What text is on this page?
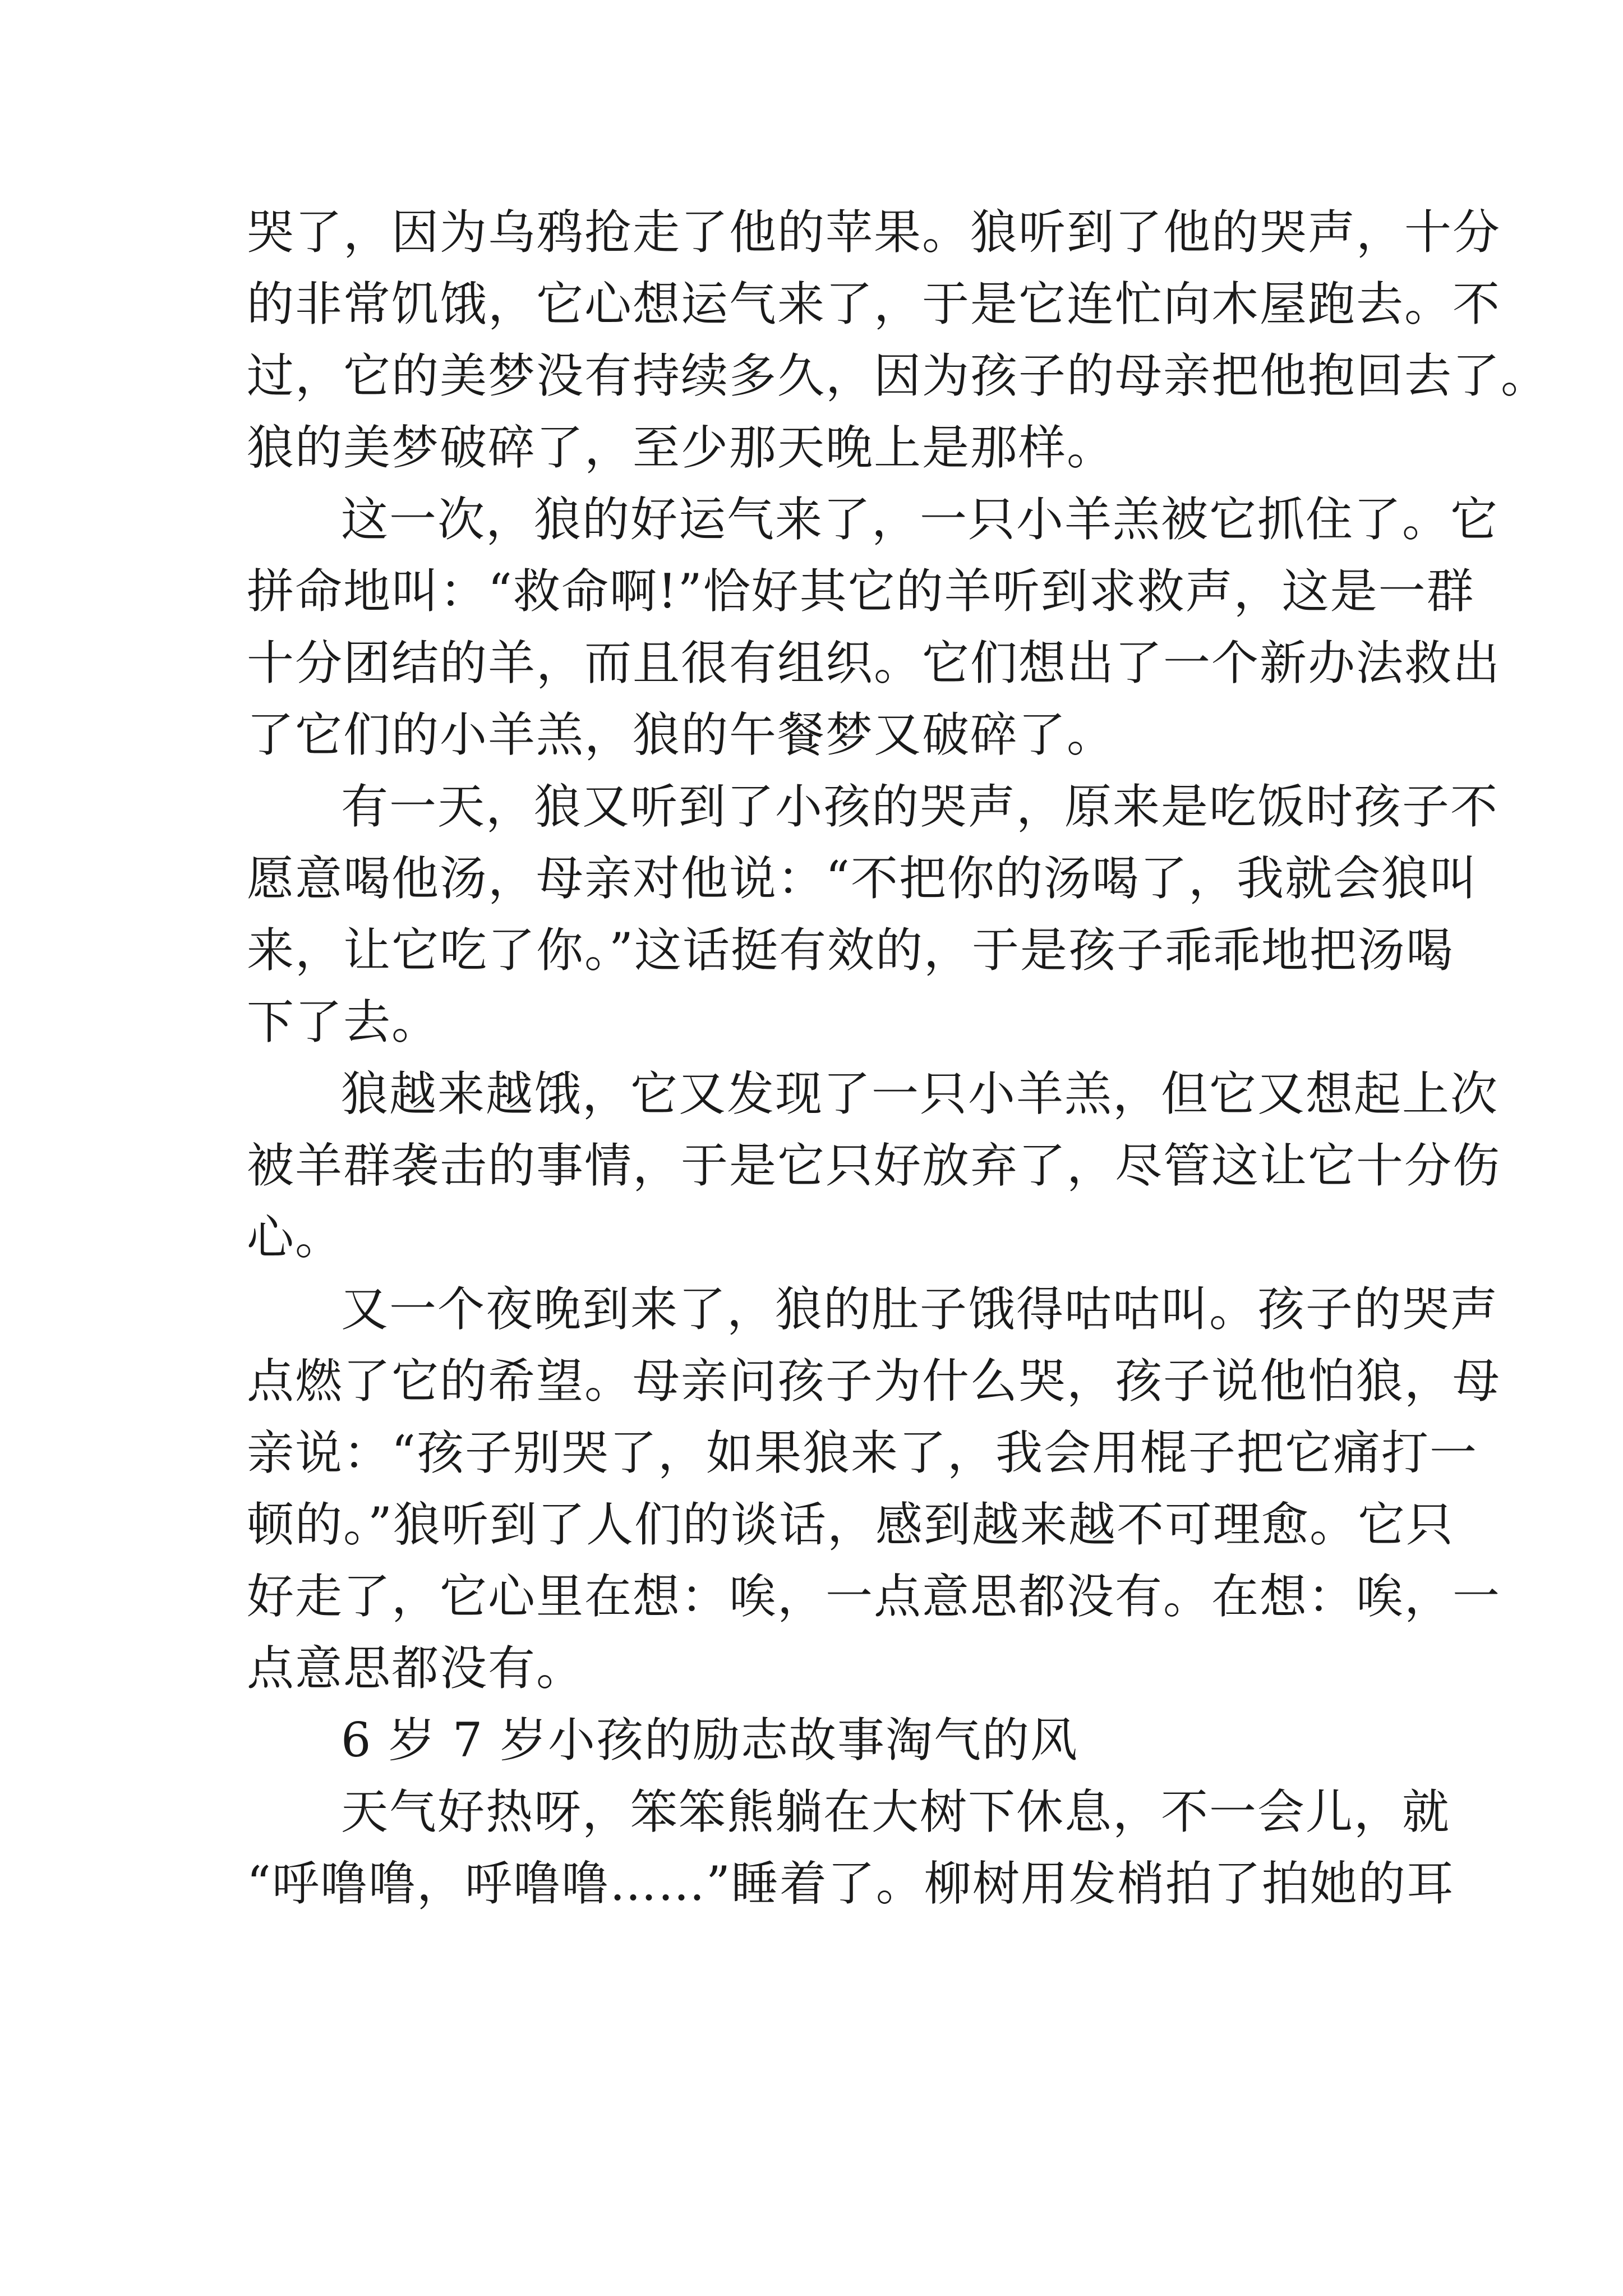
哭了，因为乌鸦抢走了他的苹果。狼听到了他的哭声，十分
的非常饥饿，它心想运气来了，于是它连忙向木屋跑去。不
过，它的美梦没有持续多久，因为孩子的母亲把他抱回去了。
狼的美梦破碎了，至少那天晚上是那样。
这一次，狼的好运气来了，一只小羊羔被它抓住了。它
拼命地叫：“救命啊!”恰好其它的羊听到求救声，这是一群
十分团结的羊，而且很有组织。它们想出了一个新办法救出
了它们的小羊羔，狼的午餐梦又破碎了。
有一天，狼又听到了小孩的哭声，原来是吃饭时孩子不
愿意喝他汤，母亲对他说：“不把你的汤喝了，我就会狼叫
来，让它吃了你。”这话挺有效的，于是孩子乖乖地把汤喝
下了去。
狼越来越饿，它又发现了一只小羊羔，但它又想起上次
被羊群袭击的事情，于是它只好放弃了，尽管这让它十分伤
心。
又一个夜晚到来了，狼的肚子饿得咕咕叫。孩子的哭声
点燃了它的希望。母亲问孩子为什么哭，孩子说他怕狼，母
亲说：“孩子别哭了，如果狼来了，我会用棍子把它痛打一
顿的。”狼听到了人们的谈话，感到越来越不可理愈。它只
好走了，它心里在想：唉，一点意思都没有。在想：唉，一
点意思都没有。
6 岁 7 岁小孩的励志故事淘气的风
天气好热呀，笨笨熊躺在大树下休息，不一会儿，就
“呼噜噜，呼噜噜……”睡着了。柳树用发梢拍了拍她的耳
